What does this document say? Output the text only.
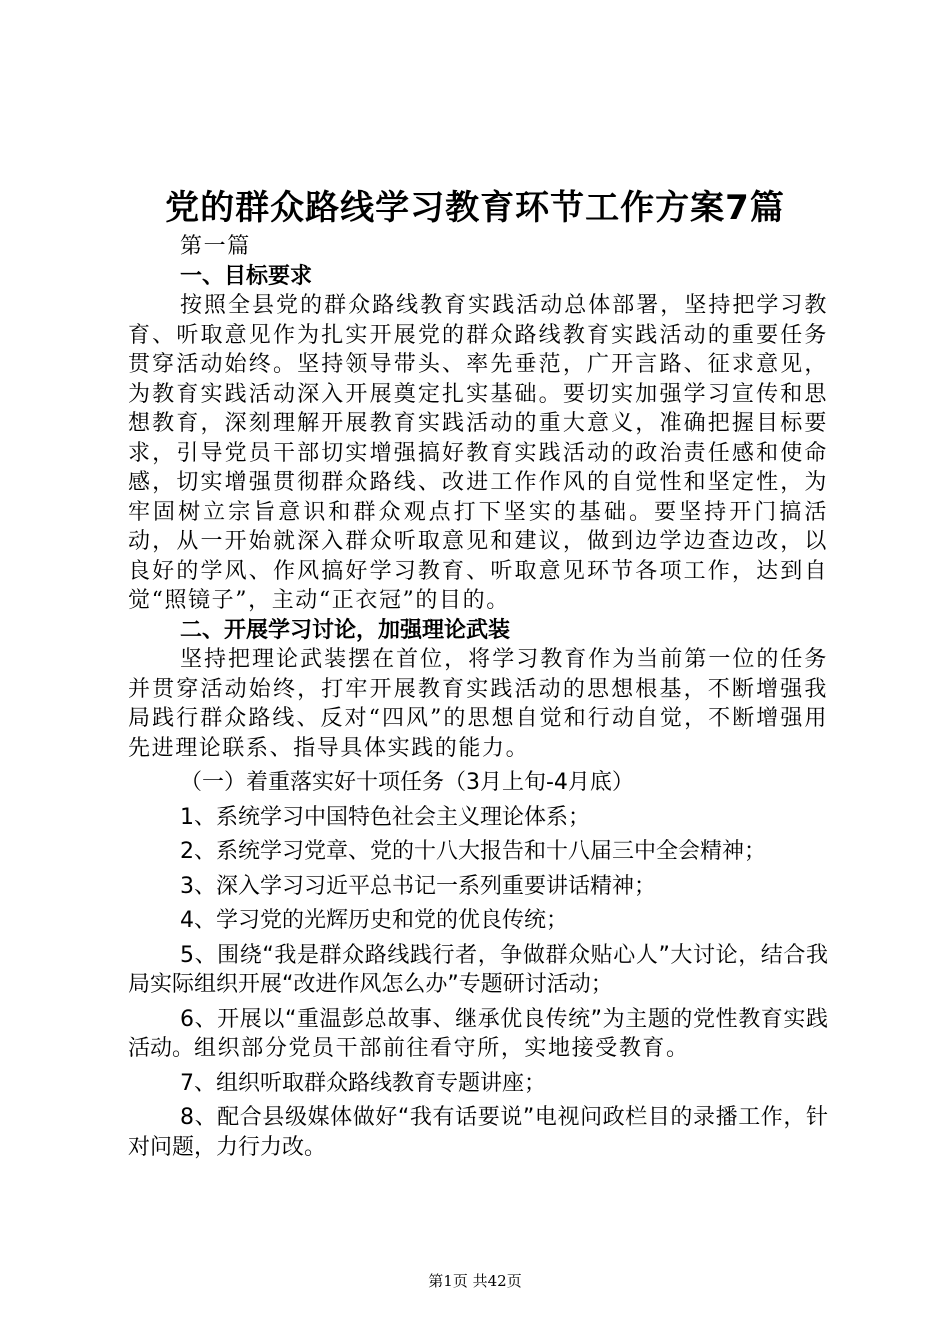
党的群众路线学习教育环节工作方案7篇

第一篇

一、目标要求

按照全县党的群众路线教育实践活动总体部署，坚持把学习教育、听取意见作为扎实开展党的群众路线教育实践活动的重要任务贯穿活动始终。坚持领导带头、率先垂范，广开言路、征求意见，为教育实践活动深入开展奠定扎实基础。要切实加强学习宣传和思想教育，深刻理解开展教育实践活动的重大意义，准确把握目标要求，引导党员干部切实增强搞好教育实践活动的政治责任感和使命感，切实增强贯彻群众路线、改进工作作风的自觉性和坚定性，为牢固树立宗旨意识和群众观点打下坚实的基础。要坚持开门搞活动，从一开始就深入群众听取意见和建议，做到边学边查边改，以良好的学风、作风搞好学习教育、听取意见环节各项工作，达到自觉“照镜子”，主动“正衣冠”的目的。

二、开展学习讨论，加强理论武装

坚持把理论武装摆在首位，将学习教育作为当前第一位的任务并贯穿活动始终，打牢开展教育实践活动的思想根基，不断增强我局践行群众路线、反对“四风”的思想自觉和行动自觉，不断增强用先进理论联系、指导具体实践的能力。

（一）着重落实好十项任务（3月上旬-4月底）

1、系统学习中国特色社会主义理论体系；

2、系统学习党章、党的十八大报告和十八届三中全会精神；

3、深入学习习近平总书记一系列重要讲话精神；

4、学习党的光辉历史和党的优良传统；

5、围绕“我是群众路线践行者，争做群众贴心人”大讨论，结合我局实际组织开展“改进作风怎么办”专题研讨活动；

6、开展以“重温彭总故事、继承优良传统”为主题的党性教育实践活动。组织部分党员干部前往看守所，实地接受教育。

7、组织听取群众路线教育专题讲座；

8、配合县级媒体做好“我有话要说”电视问政栏目的录播工作，针对问题，力行力改。

第1页 共42页
